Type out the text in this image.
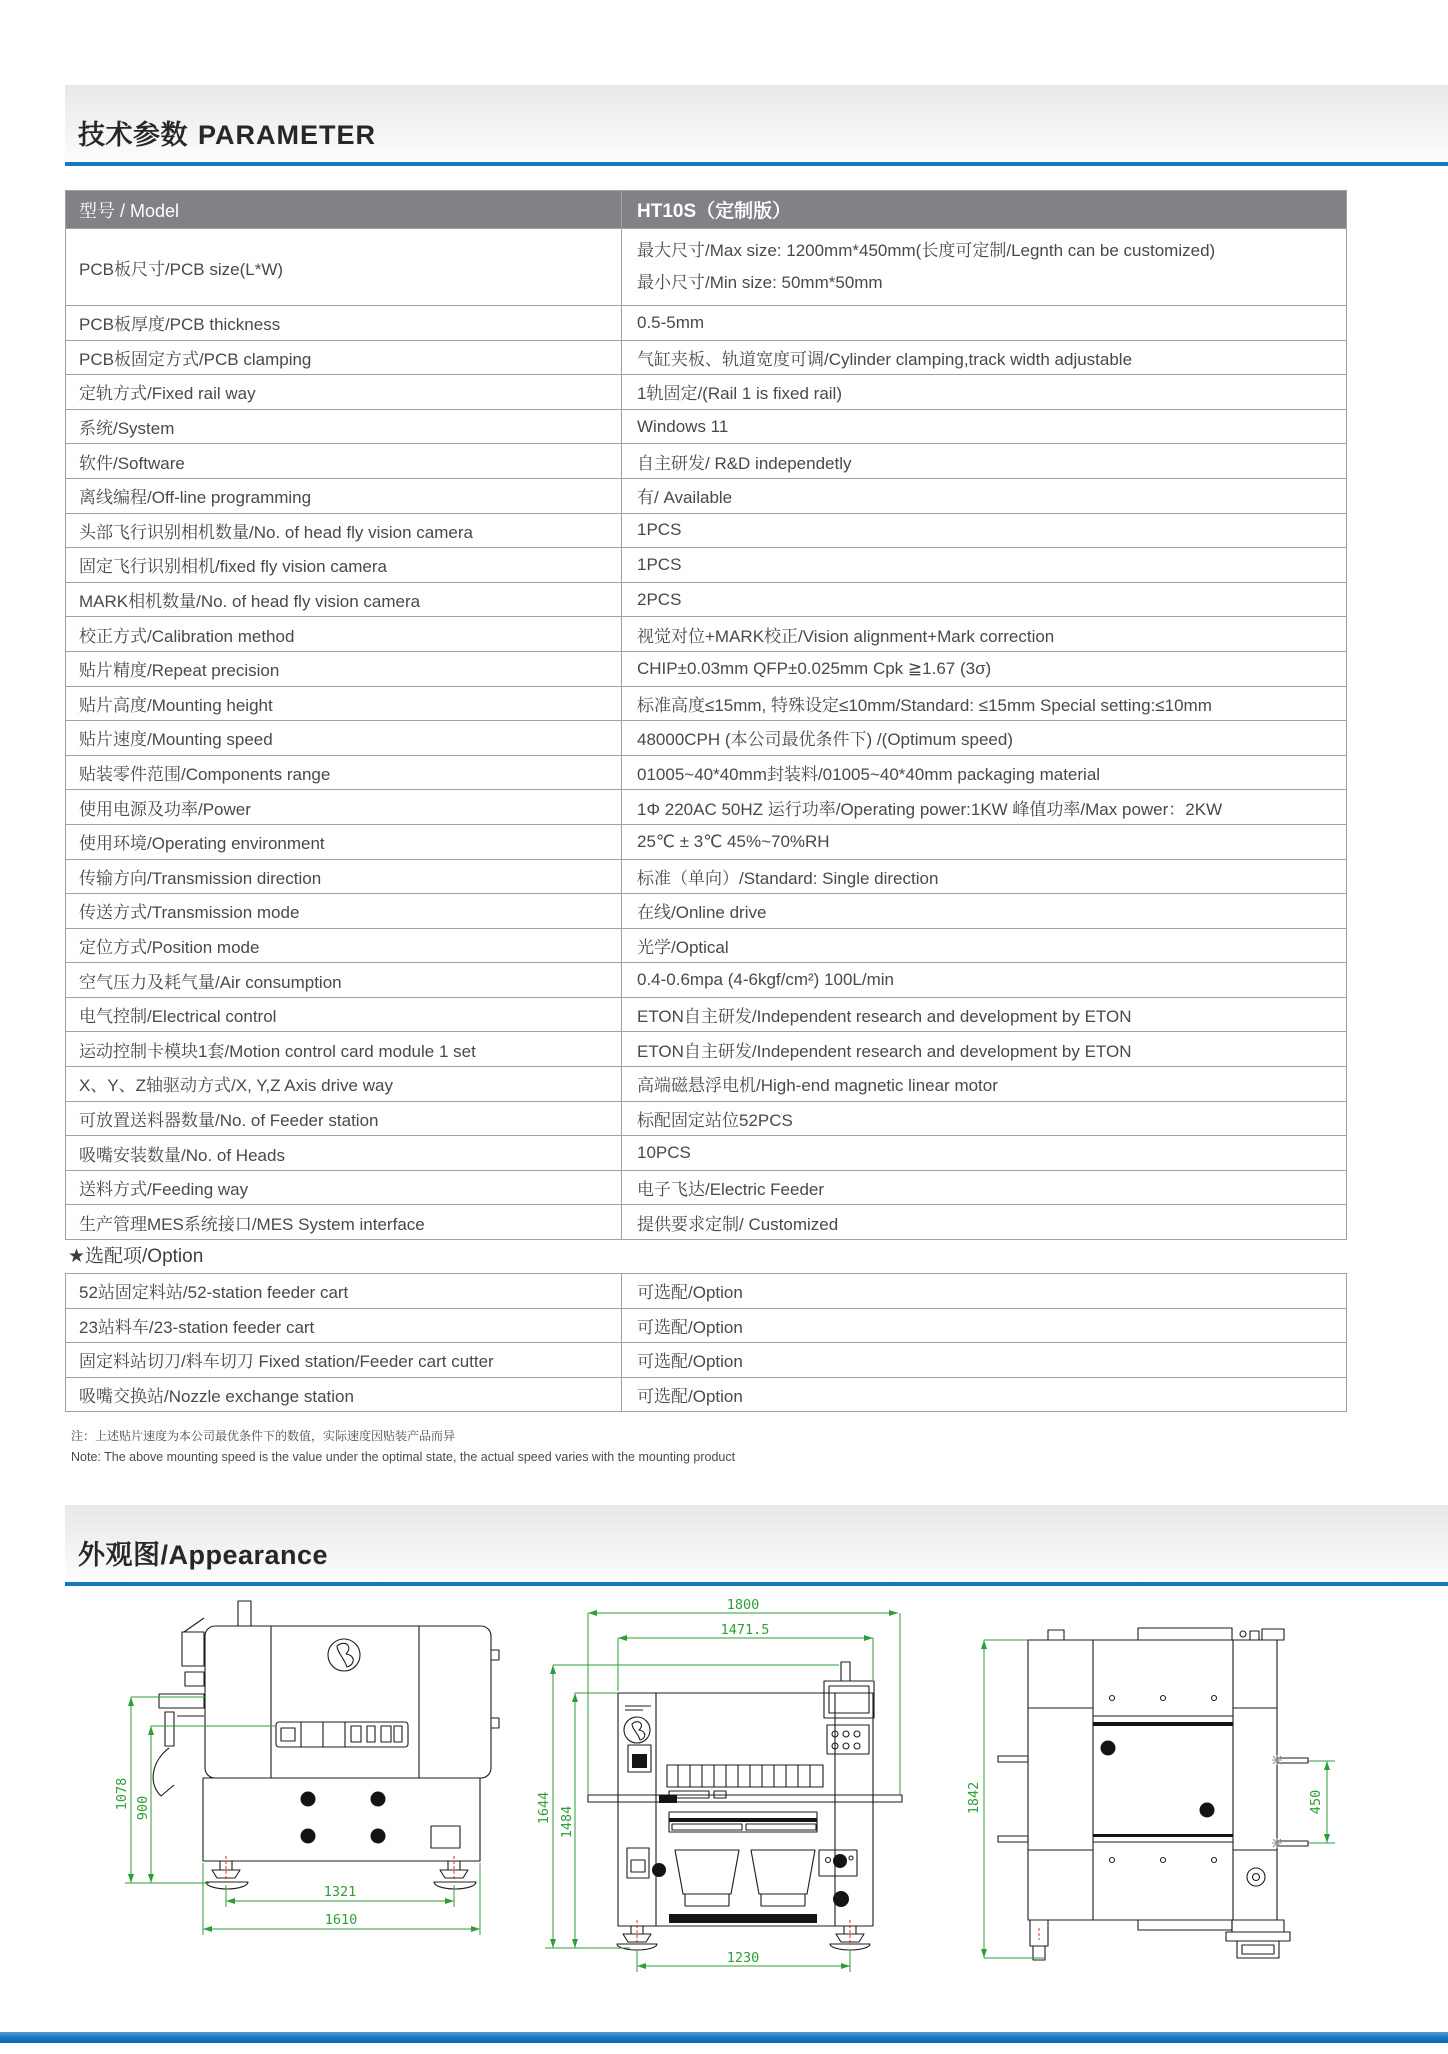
技术参数 PARAMETER
型号 / Model	HT10S（定制版）
PCB板尺寸/PCB size(L*W)	最大尺寸/Max size: 1200mm*450mm(长度可定制/Legnth can be customized)
最小尺寸/Min size: 50mm*50mm

PCB板厚度/PCB thickness	0.5-5mm
PCB板固定方式/PCB clamping	气缸夹板、轨道宽度可调/Cylinder clamping,track width adjustable
定轨方式/Fixed rail way	1轨固定/(Rail 1 is fixed rail)
系统/System	Windows 11
软件/Software	自主研发/ R&D independetly
离线编程/Off-line programming	有/ Available
头部飞行识别相机数量/No. of head fly vision camera	1PCS
固定飞行识别相机/fixed fly vision camera	1PCS
MARK相机数量/No. of head fly vision camera	2PCS
校正方式/Calibration method	视觉对位+MARK校正/Vision alignment+Mark correction
贴片精度/Repeat precision	CHIP±0.03mm QFP±0.025mm Cpk ≧1.67 (3σ)
贴片高度/Mounting height	标准高度≤15mm, 特殊设定≤10mm/Standard: ≤15mm Special setting:≤10mm
贴片速度/Mounting speed	48000CPH (本公司最优条件下) /(Optimum speed)
贴装零件范围/Components range	01005~40*40mm封装料/01005~40*40mm packaging material
使用电源及功率/Power	1Φ 220AC 50HZ 运行功率/Operating power:1KW 峰值功率/Max power：2KW
使用环境/Operating environment	25℃ ± 3℃ 45%~70%RH
传输方向/Transmission direction	标准（单向）/Standard: Single direction
传送方式/Transmission mode	在线/Online drive
定位方式/Position mode	光学/Optical
空气压力及耗气量/Air consumption	0.4-0.6mpa (4-6kgf/cm²) 100L/min
电气控制/Electrical control	ETON自主研发/Independent research and development by ETON
运动控制卡模块1套/Motion control card module 1 set	ETON自主研发/Independent research and development by ETON
X、Y、Z轴驱动方式/X, Y,Z Axis drive way	高端磁悬浮电机/High-end magnetic linear motor
可放置送料器数量/No. of Feeder station	标配固定站位52PCS
吸嘴安装数量/No. of Heads	10PCS
送料方式/Feeding way	电子飞达/Electric Feeder
生产管理MES系统接口/MES System interface	提供要求定制/ Customized
★选配项/Option
52站固定料站/52-station feeder cart	可选配/Option
23站料车/23-station feeder cart	可选配/Option
固定料站切刀/料车切刀 Fixed station/Feeder cart cutter	可选配/Option
吸嘴交换站/Nozzle exchange station	可选配/Option
注：上述贴片速度为本公司最优条件下的数值，实际速度因贴装产品而异
Note: The above mounting speed is the value under the optimal state, the actual speed varies with the mounting product
外观图/Appearance
1078 900
1321
1610
1800
1471.5
1644 1484
1230
1842	450
